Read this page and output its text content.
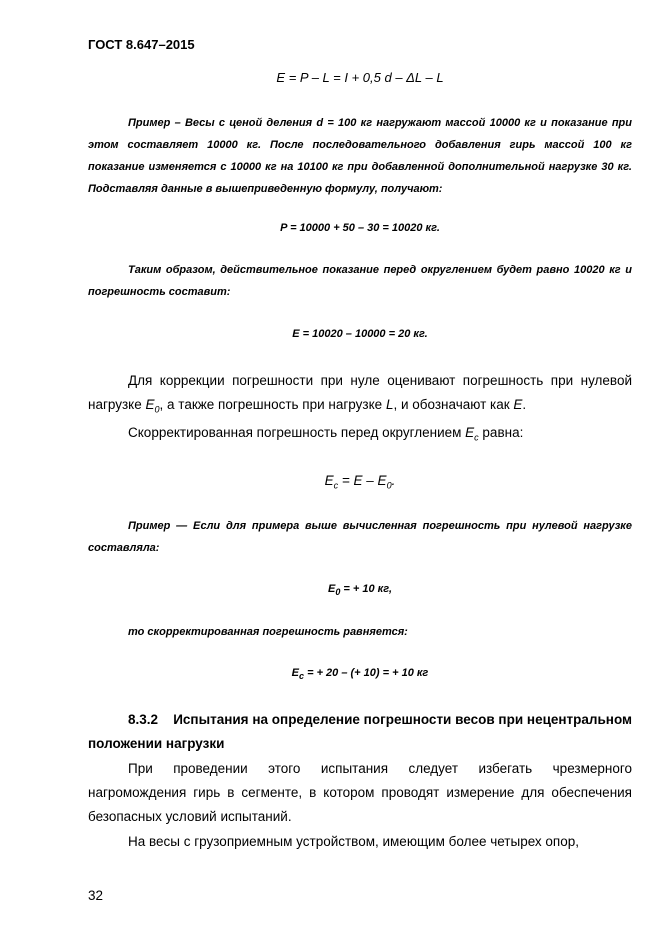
ГОСТ 8.647–2015
E = P – L = I + 0,5 d – ΔL – L
Пример – Весы с ценой деления d = 100 кг нагружают массой 10000 кг и показание при этом составляет 10000 кг. После последовательного добавления гирь массой 100 кг показание изменяется с 10000 кг на 10100 кг при добавленной дополнительной нагрузке 30 кг. Подставляя данные в вышеприведенную формулу, получают:
P = 10000 + 50 – 30 = 10020 кг.
Таким образом, действительное показание перед округлением будет равно 10020 кг и погрешность составит:
E = 10020 – 10000 = 20 кг.
Для коррекции погрешности при нуле оценивают погрешность при нулевой нагрузке $E_0$, а также погрешность при нагрузке L, и обозначают как E.
Скорректированная погрешность перед округлением $E_c$ равна:
$E_c = E - E_0$.
Пример — Если для примера выше вычисленная погрешность при нулевой нагрузке составляла:
$E_0$ = + 10 кг,
то скорректированная погрешность равняется:
$E_c$ = + 20 – (+ 10) = + 10 кг
8.3.2 Испытания на определение погрешности весов при нецентральном положении нагрузки
При проведении этого испытания следует избегать чрезмерного нагромождения гирь в сегменте, в котором проводят измерение для обеспечения безопасных условий испытаний.
На весы с грузоприемным устройством, имеющим более четырех опор,
32
